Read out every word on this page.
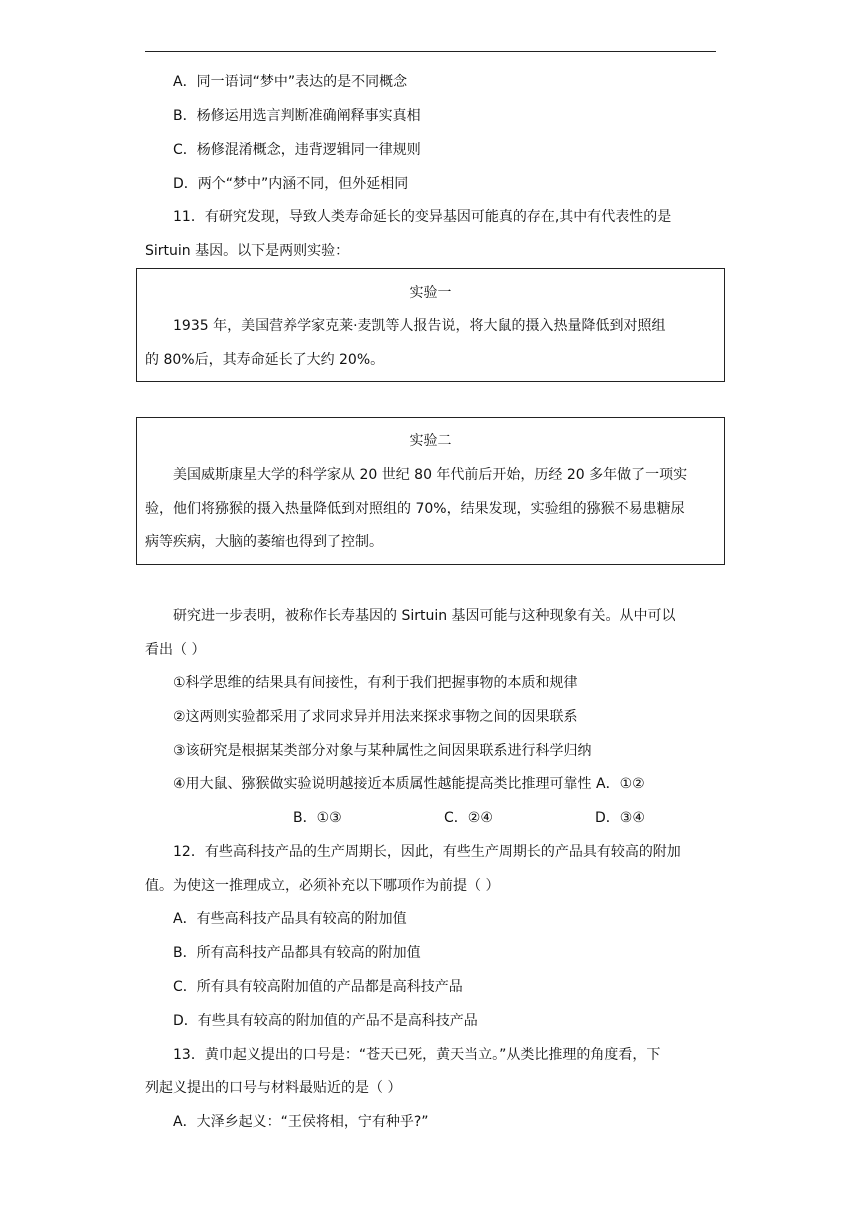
A．同一语词“梦中”表达的是不同概念
B．杨修运用选言判断准确阐释事实真相
C．杨修混淆概念，违背逻辑同一律规则
D．两个“梦中”内涵不同，但外延相同
11．有研究发现，导致人类寿命延长的变异基因可能真的存在,其中有代表性的是
Sirtuin 基因。以下是两则实验：
实验一
1935 年，美国营养学家克莱·麦凯等人报告说，将大鼠的摄入热量降低到对照组
的 80%后，其寿命延长了大约 20%。
实验二
美国威斯康星大学的科学家从 20 世纪 80 年代前后开始，历经 20 多年做了一项实
验，他们将猕猴的摄入热量降低到对照组的 70%，结果发现，实验组的猕猴不易患糖尿
病等疾病，大脑的萎缩也得到了控制。
研究进一步表明，被称作长寿基因的 Sirtuin 基因可能与这种现象有关。从中可以
看出（ ）
①科学思维的结果具有间接性，有利于我们把握事物的本质和规律
②这两则实验都采用了求同求异并用法来探求事物之间的因果联系
③该研究是根据某类部分对象与某种属性之间因果联系进行科学归纳
④用大鼠、猕猴做实验说明越接近本质属性越能提高类比推理可靠性 A．①②
B．①③	C．②④	D．③④
12．有些高科技产品的生产周期长，因此，有些生产周期长的产品具有较高的附加
值。为使这一推理成立，必须补充以下哪项作为前提（ ）
A．有些高科技产品具有较高的附加值
B．所有高科技产品都具有较高的附加值
C．所有具有较高附加值的产品都是高科技产品
D．有些具有较高的附加值的产品不是高科技产品
13．黄巾起义提出的口号是：“苍天已死，黄天当立。”从类比推理的角度看，下
列起义提出的口号与材料最贴近的是（ ）
A．大泽乡起义：“王侯将相，宁有种乎?”
